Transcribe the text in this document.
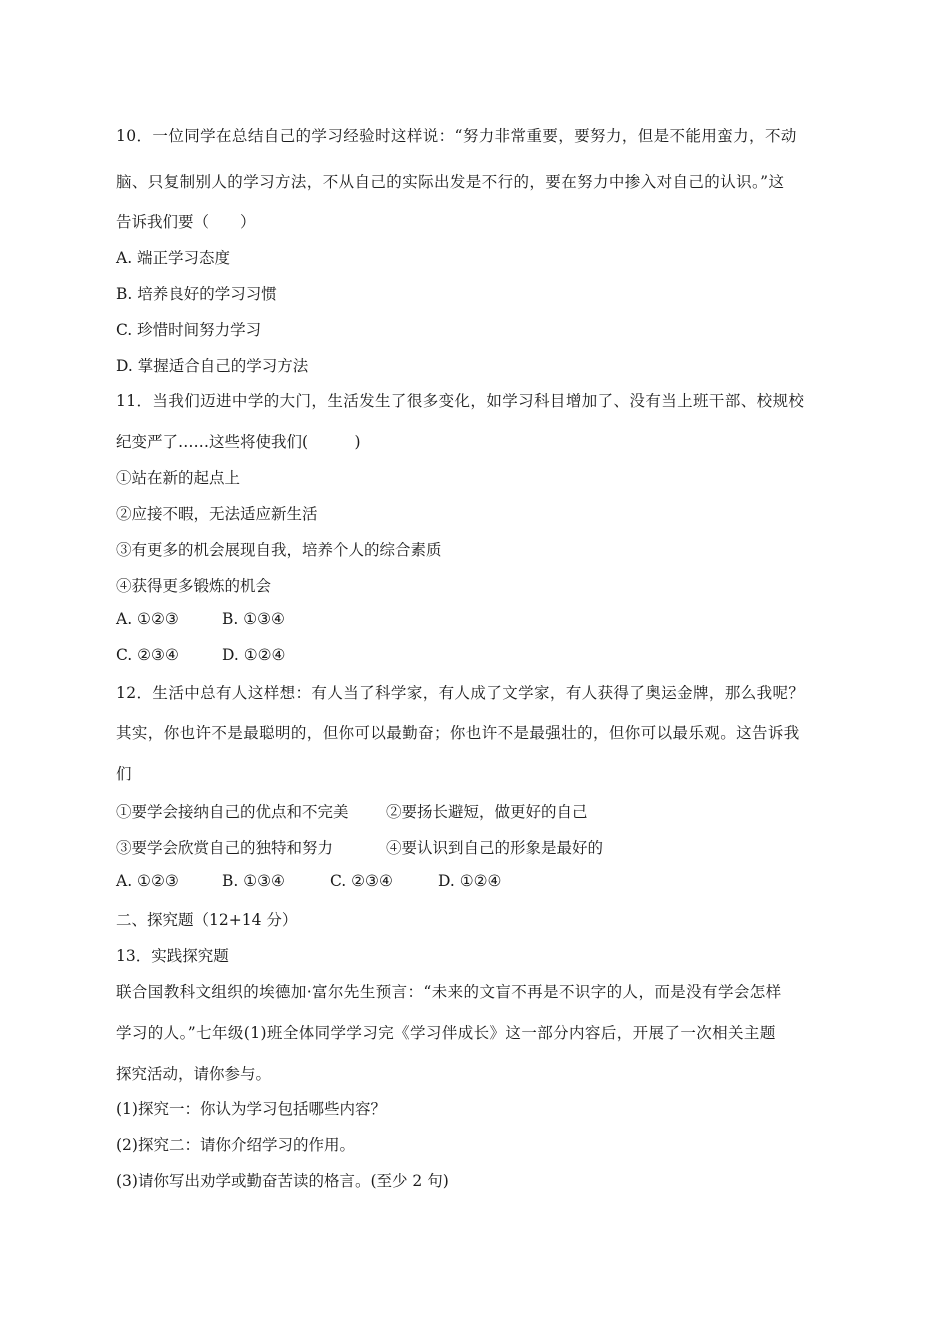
10．一位同学在总结自己的学习经验时这样说：“努力非常重要，要努力，但是不能用蛮力，不动
脑、只复制别人的学习方法，不从自己的实际出发是不行的，要在努力中掺入对自己的认识。”这
告诉我们要（　　）
A. 端正学习态度
B. 培养良好的学习习惯
C. 珍惜时间努力学习
D. 掌握适合自己的学习方法
11．当我们迈进中学的大门，生活发生了很多变化，如学习科目增加了、没有当上班干部、校规校
纪变严了……这些将使我们(　　　)
①站在新的起点上
②应接不暇，无法适应新生活
③有更多的机会展现自我，培养个人的综合素质
④获得更多锻炼的机会
A. ①②③	B. ①③④
C. ②③④	D. ①②④
12．生活中总有人这样想：有人当了科学家，有人成了文学家，有人获得了奥运金牌，那么我呢？
其实，你也许不是最聪明的，但你可以最勤奋；你也许不是最强壮的，但你可以最乐观。这告诉我
们
①要学会接纳自己的优点和不完美 ②要扬长避短，做更好的自己
③要学会欣赏自己的独特和努力	④要认识到自己的形象是最好的
A. ①②③	B. ①③④	C. ②③④	D. ①②④
二、探究题（12+14 分）
13．实践探究题
联合国教科文组织的埃德加·富尔先生预言：“未来的文盲不再是不识字的人，而是没有学会怎样
学习的人。”七年级(1)班全体同学学习完《学习伴成长》这一部分内容后，开展了一次相关主题
探究活动，请你参与。
(1)探究一：你认为学习包括哪些内容？
(2)探究二：请你介绍学习的作用。
(3)请你写出劝学或勤奋苦读的格言。(至少 2 句)
